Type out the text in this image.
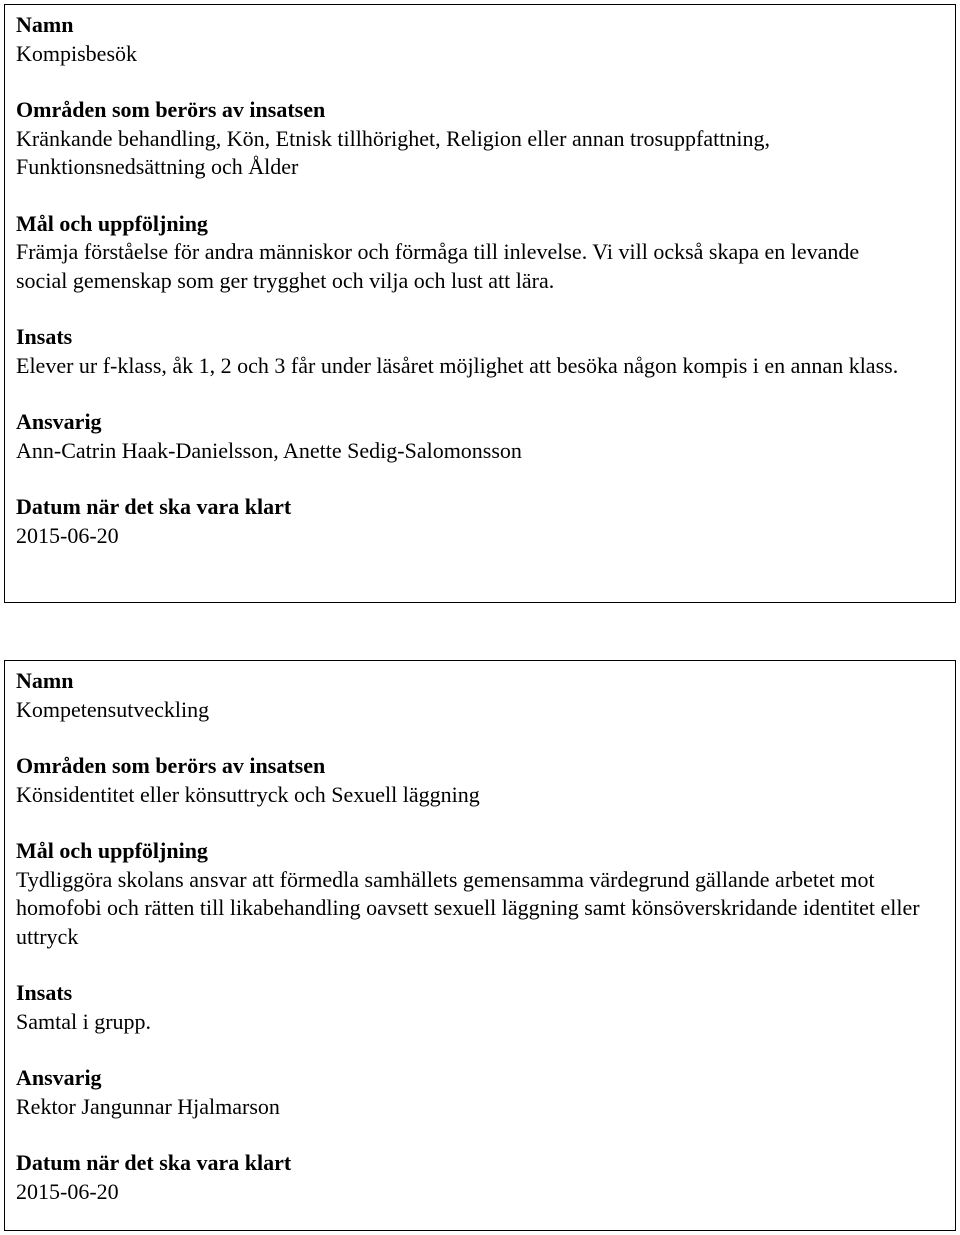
Namn
Kompisbesök
Områden som berörs av insatsen
Kränkande behandling, Kön, Etnisk tillhörighet, Religion eller annan trosuppfattning, Funktionsnedsättning och Ålder
Mål och uppföljning
Främja förståelse för andra människor och förmåga till inlevelse. Vi vill också skapa en levande social gemenskap som ger trygghet och vilja och lust att lära.
Insats
Elever ur f-klass, åk 1, 2 och 3 får under läsåret möjlighet att besöka någon kompis i en annan klass.
Ansvarig
Ann-Catrin Haak-Danielsson, Anette Sedig-Salomonsson
Datum när det ska vara klart
2015-06-20
Namn
Kompetensutveckling
Områden som berörs av insatsen
Könsidentitet eller könsuttryck och Sexuell läggning
Mål och uppföljning
Tydliggöra skolans ansvar att förmedla samhällets gemensamma värdegrund gällande arbetet mot homofobi och rätten till likabehandling oavsett sexuell läggning samt könsöverskridande identitet eller uttryck
Insats
Samtal i grupp.
Ansvarig
Rektor Jangunnar Hjalmarson
Datum när det ska vara klart
2015-06-20
